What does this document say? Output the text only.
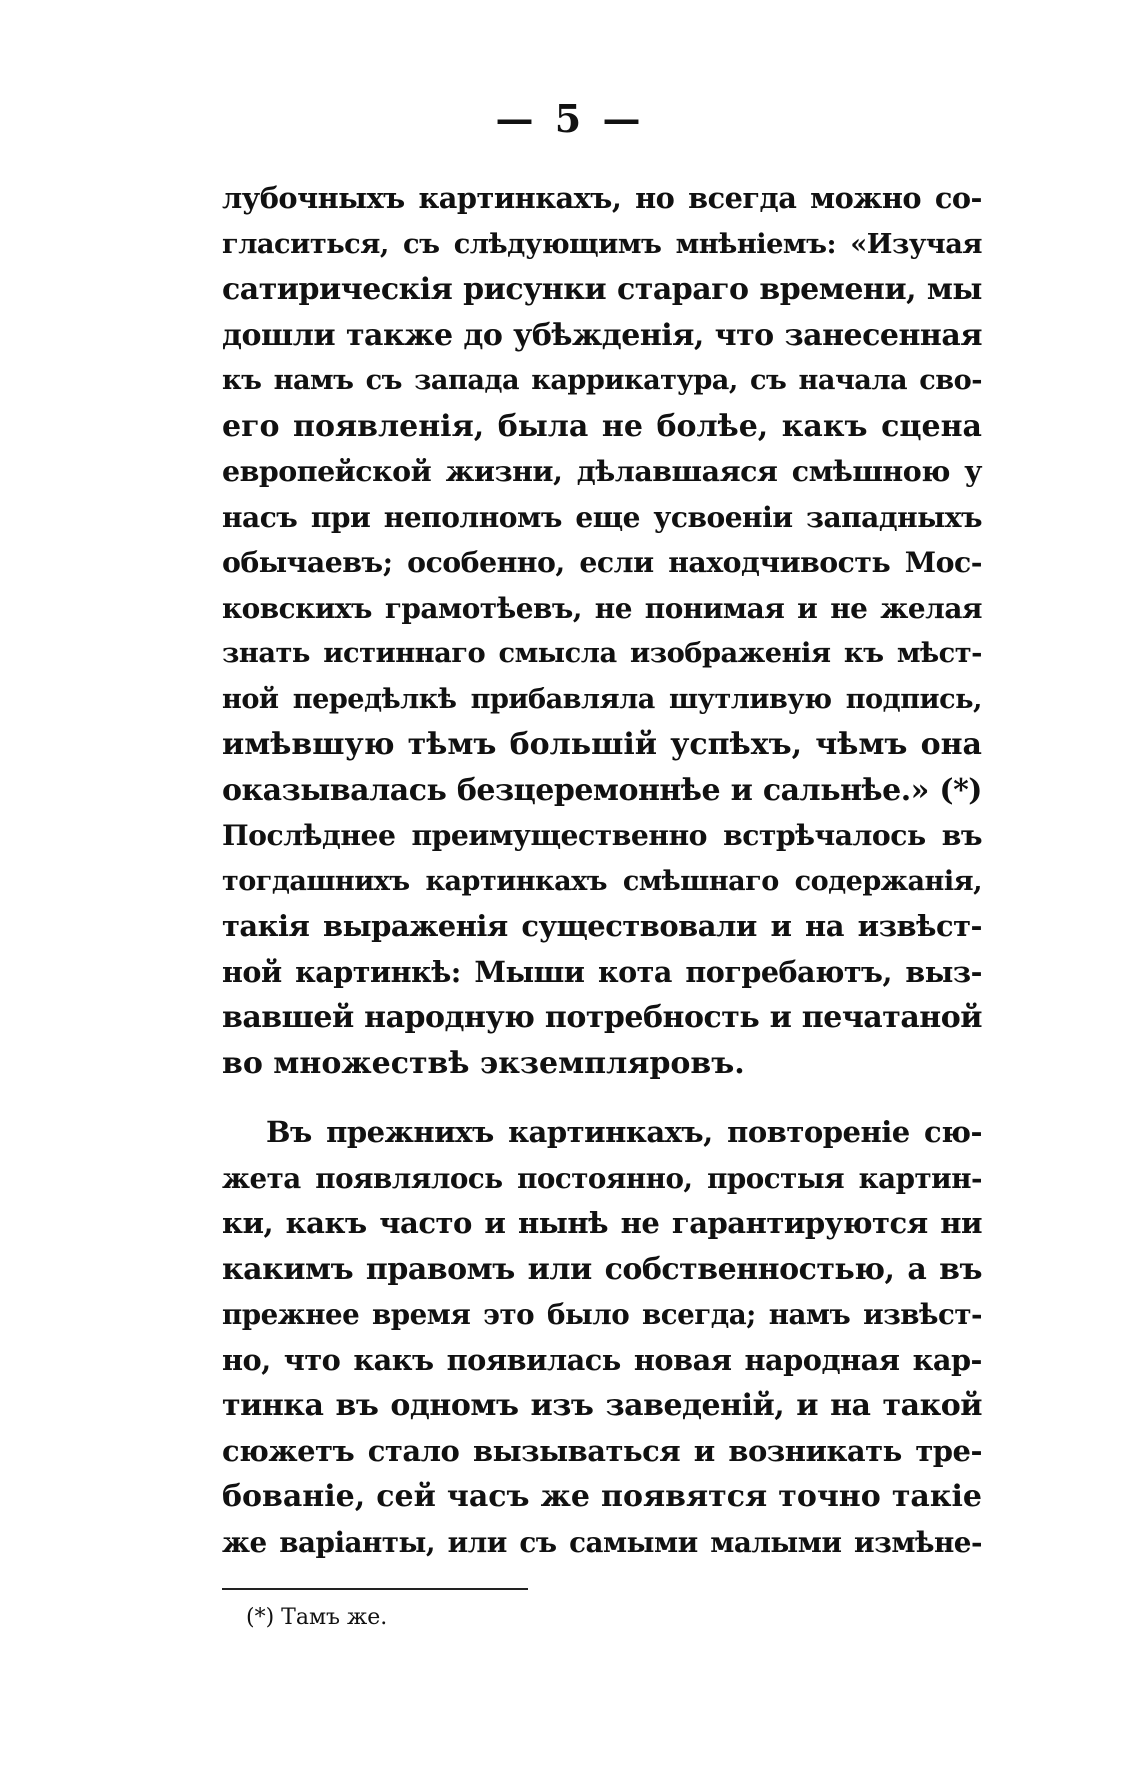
— 5 —
лубочныхъ картинкахъ, но всегда можно со-
гласиться, съ слѣдующимъ мнѣніемъ: «Изучая
сатирическія рисунки стараго времени, мы
дошли также до убѣжденія, что занесенная
къ намъ съ запада каррикатура, съ начала сво-
его появленія, была не болѣе, какъ сцена
европейской жизни, дѣлавшаяся смѣшною у
насъ при неполномъ еще усвоеніи западныхъ
обычаевъ; особенно, если находчивость Мос-
ковскихъ грамотѣевъ, не понимая и не желая
знать истиннаго смысла изображенія къ мѣст-
ной передѣлкѣ прибавляла шутливую подпись,
имѣвшую тѣмъ большій успѣхъ, чѣмъ она
оказывалась безцеремоннѣе и сальнѣе.» (*)
Послѣднее преимущественно встрѣчалось въ
тогдашнихъ картинкахъ смѣшнаго содержанія,
такія выраженія существовали и на извѣст-
ной картинкѣ: Мыши кота погребаютъ, выз-
вавшей народную потребность и печатаной
во множествѣ экземпляровъ.
Въ прежнихъ картинкахъ, повтореніе сю-
жета появлялось постоянно, простыя картин-
ки, какъ часто и нынѣ не гарантируются ни
какимъ правомъ или собственностью, а въ
прежнее время это было всегда; намъ извѣст-
но, что какъ появилась новая народная кар-
тинка въ одномъ изъ заведеній, и на такой
сюжетъ стало вызываться и возникать тре-
бованіе, сей часъ же появятся точно такіе
же варіанты, или съ самыми малыми измѣне-
(*) Тамъ же.
